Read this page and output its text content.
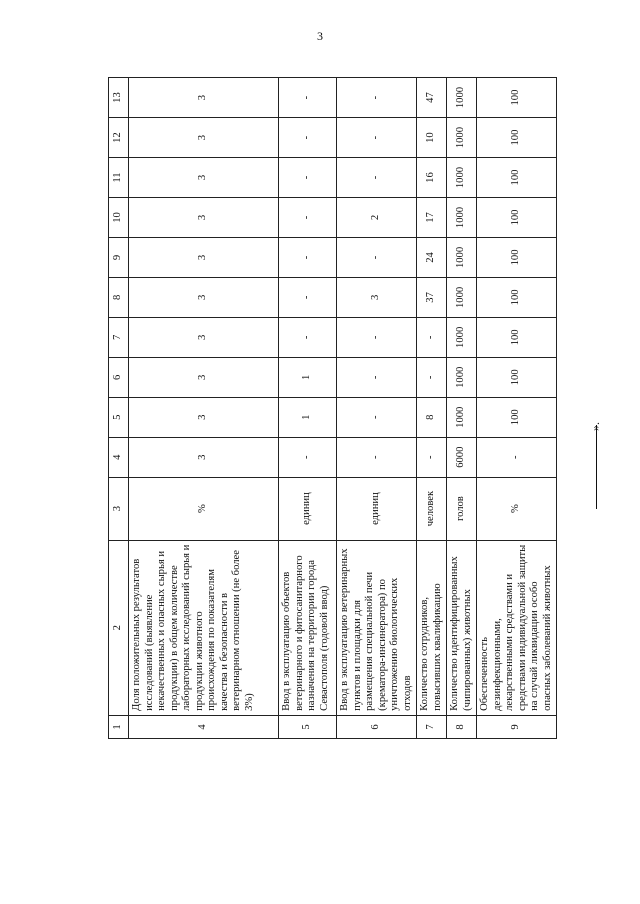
3
1	2	3	4	5	6	7	8	9	10	11	12	13
4	Доля положительных результатов исследований (выявление некачественных и опасных сырья и продукции) в общем количестве лабораторных исследований сырья и продукции животного происхождения по показателям качества и безопасности в ветеринарном отношении (не более 3%)	%	3	3	3	3	3	3	3	3	3	3
5	Ввод в эксплуатацию объектов ветеринарного и фитосанитарного назначения на территории города Севастополя (годовой ввод)	единиц	-	1	1	-	-	-	-	-	-	-
6	Ввод в эксплуатацию ветеринарных пунктов и площадки для размещения специальной печи (крематора-инсинератора) по уничтожению биологических отходов	единиц	-	-	-	-	3	-	2	-	-	-
7	Количество сотрудников, повысивших квалификацию	человек	-	8	-	-	37	24	17	16	10	47
8	Количество идентифицированных (чипированных) животных	голов	6000	1000	1000	1000	1000	1000	1000	1000	1000	1000
9	Обеспеченность дезинфекционными, лекарственными средствами и средствами индивидуальной защиты на случай ликвидации особо опасных заболеваний животных	%	-	100	100	100	100	100	100	100	100	100
».
